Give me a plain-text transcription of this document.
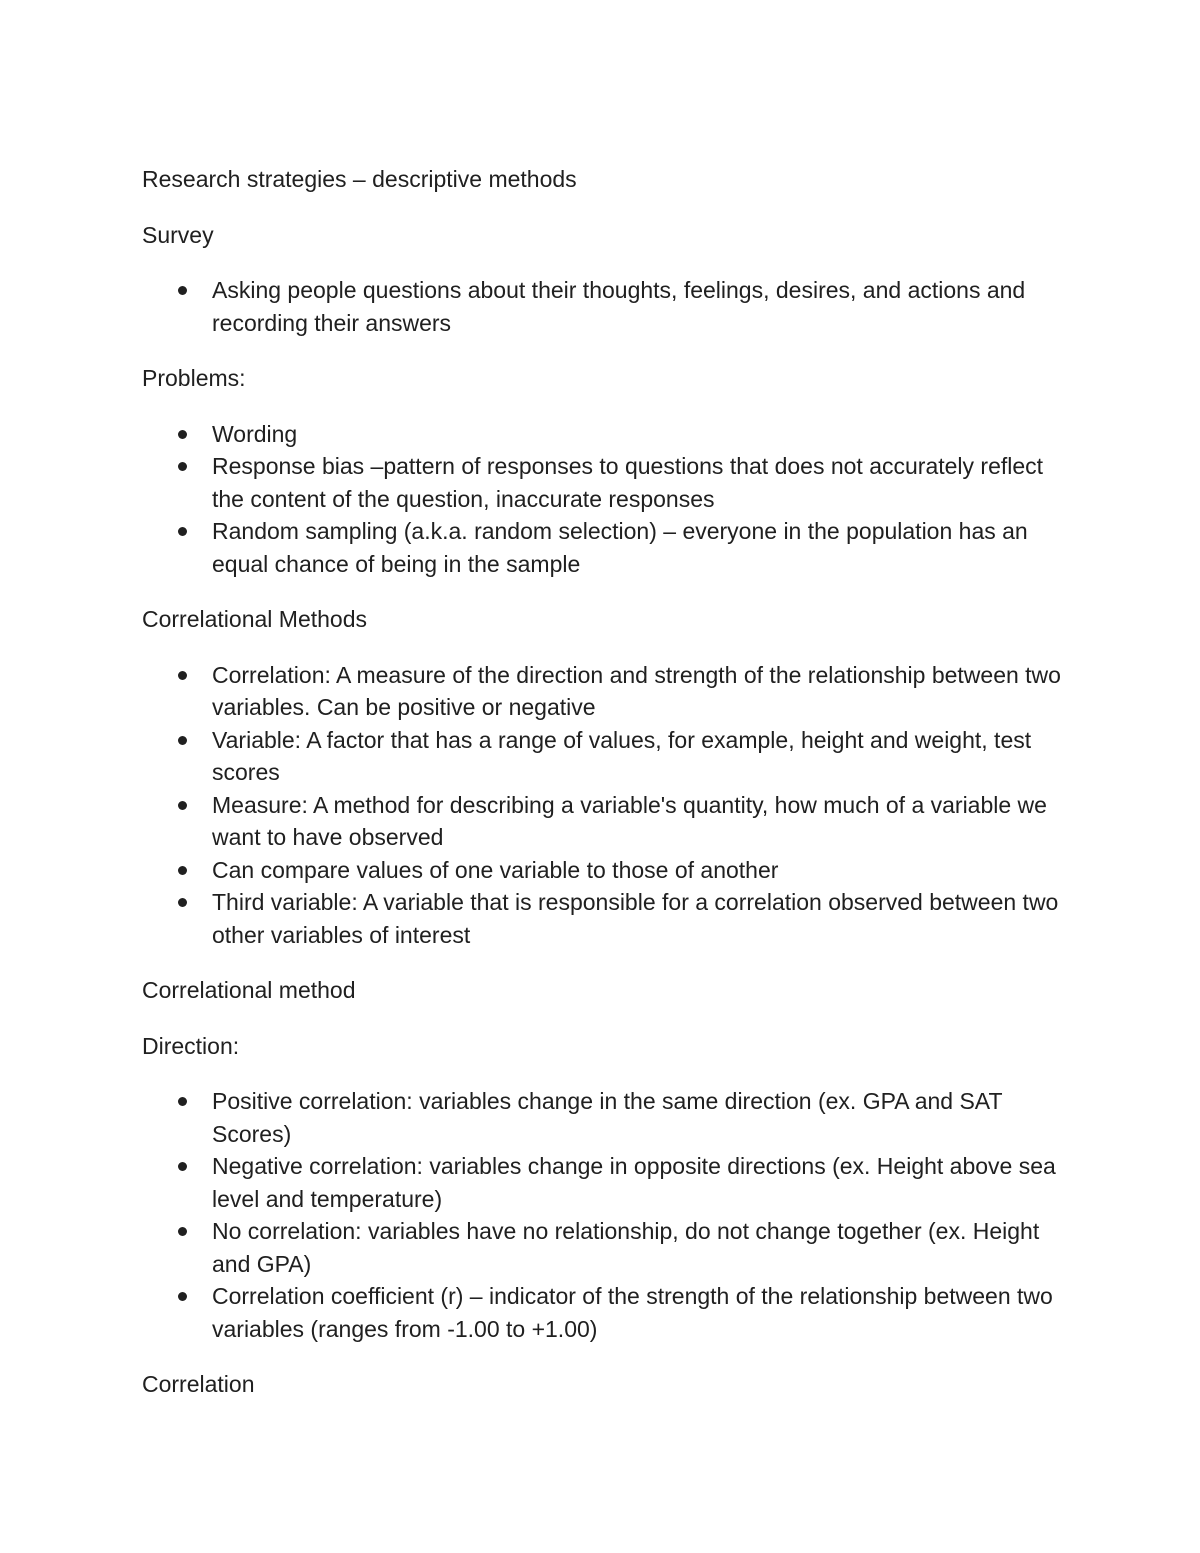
Research strategies – descriptive methods

Survey

Asking people questions about their thoughts, feelings, desires, and actions and recording their answers

Problems:

Wording
Response bias –pattern of responses to questions that does not accurately reflect the content of the question, inaccurate responses
Random sampling (a.k.a. random selection) – everyone in the population has an equal chance of being in the sample

Correlational Methods

Correlation: A measure of the direction and strength of the relationship between two variables. Can be positive or negative
Variable: A factor that has a range of values, for example, height and weight, test scores
Measure: A method for describing a variable's quantity, how much of a variable we want to have observed
Can compare values of one variable to those of another
Third variable: A variable that is responsible for a correlation observed between two other variables of interest

Correlational method

Direction:

Positive correlation: variables change in the same direction (ex. GPA and SAT Scores)
Negative correlation: variables change in opposite directions (ex. Height above sea level and temperature)
No correlation: variables have no relationship, do not change together (ex. Height and GPA)
Correlation coefficient (r) – indicator of the strength of the relationship between two variables (ranges from -1.00 to +1.00)

Correlation
